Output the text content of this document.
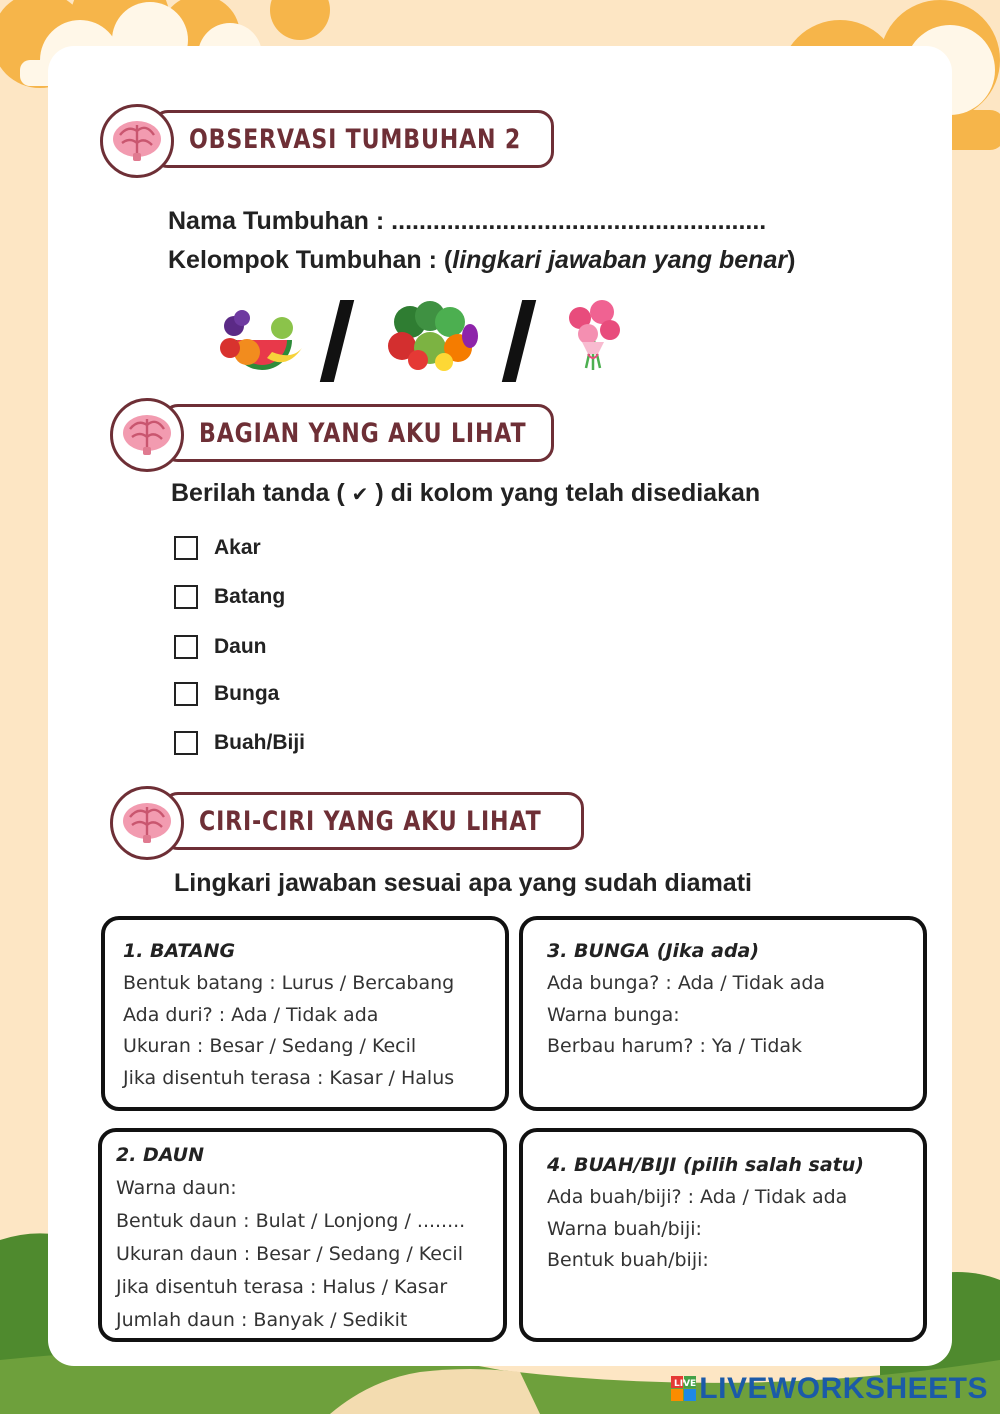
OBSERVASI TUMBUHAN 2
Nama Tumbuhan : ......................................................
Kelompok Tumbuhan : (lingkari jawaban yang benar)
BAGIAN YANG AKU LIHAT
Berilah tanda ( ✔ ) di kolom yang telah disediakan
Akar
Batang
Daun
Bunga
Buah/Biji
CIRI-CIRI YANG AKU LIHAT
Lingkari jawaban sesuai apa yang sudah diamati
1. BATANG
Bentuk batang : Lurus / Bercabang
Ada duri? : Ada / Tidak ada
Ukuran : Besar / Sedang / Kecil
Jika disentuh terasa : Kasar / Halus
3. BUNGA (Jika ada)
Ada bunga? : Ada / Tidak ada
Warna bunga:
Berbau harum? : Ya / Tidak
2. DAUN
Warna daun:
Bentuk daun : Bulat / Lonjong / ........
Ukuran daun : Besar / Sedang / Kecil
Jika disentuh terasa : Halus / Kasar
Jumlah daun : Banyak / Sedikit
4. BUAH/BIJI (pilih salah satu)
Ada buah/biji? : Ada / Tidak ada
Warna buah/biji:
Bentuk buah/biji:
LIVE LIVEWORKSHEETS
